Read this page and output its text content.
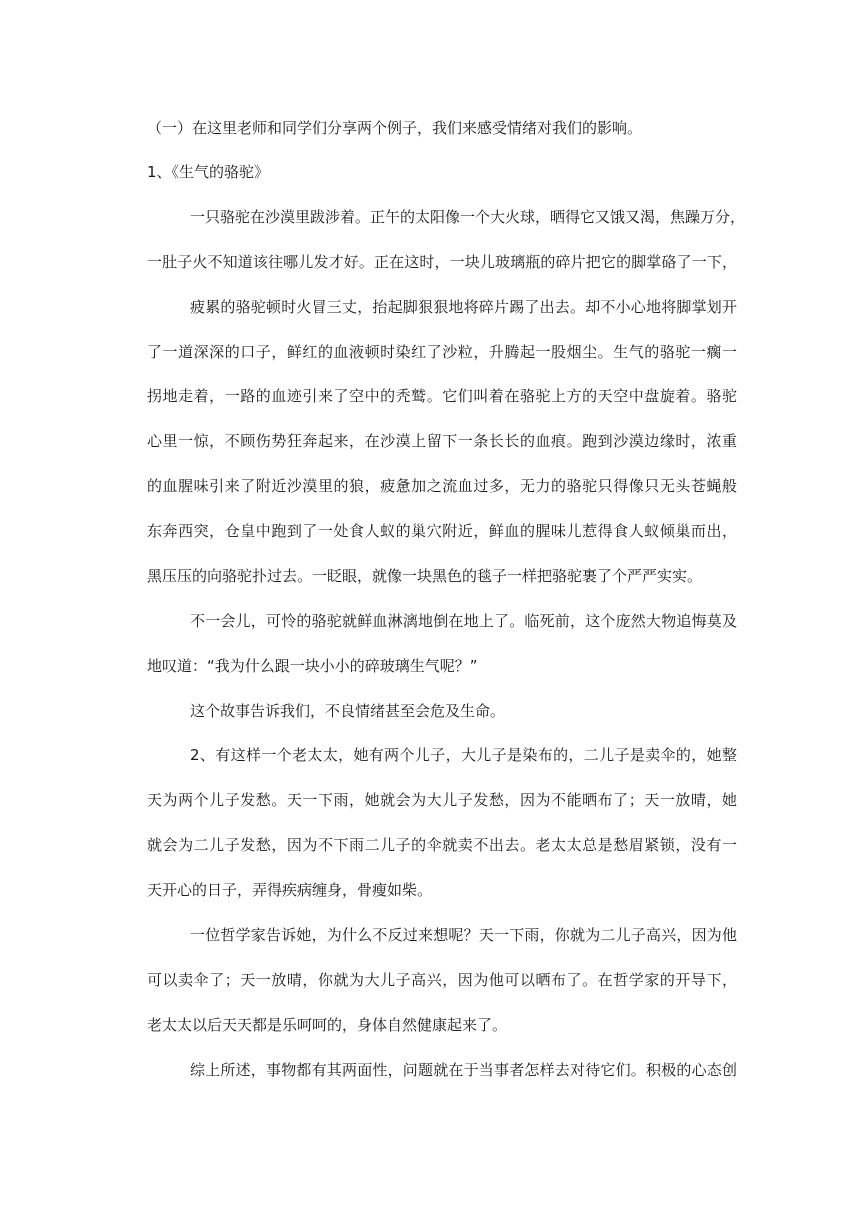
（一）在这里老师和同学们分享两个例子，我们来感受情绪对我们的影响。
1、《生气的骆驼》
一只骆驼在沙漠里跋涉着。正午的太阳像一个大火球，晒得它又饿又渴，焦躁万分，
一肚子火不知道该往哪儿发才好。正在这时，一块儿玻璃瓶的碎片把它的脚掌硌了一下，
疲累的骆驼顿时火冒三丈，抬起脚狠狠地将碎片踢了出去。却不小心地将脚掌划开
了一道深深的口子，鲜红的血液顿时染红了沙粒，升腾起一股烟尘。生气的骆驼一瘸一
拐地走着，一路的血迹引来了空中的秃鹫。它们叫着在骆驼上方的天空中盘旋着。骆驼
心里一惊，不顾伤势狂奔起来，在沙漠上留下一条长长的血痕。跑到沙漠边缘时，浓重
的血腥味引来了附近沙漠里的狼，疲惫加之流血过多，无力的骆驼只得像只无头苍蝇般
东奔西突，仓皇中跑到了一处食人蚁的巢穴附近，鲜血的腥味儿惹得食人蚁倾巢而出，
黑压压的向骆驼扑过去。一眨眼，就像一块黑色的毯子一样把骆驼裹了个严严实实。
不一会儿，可怜的骆驼就鲜血淋漓地倒在地上了。临死前，这个庞然大物追悔莫及
地叹道：“我为什么跟一块小小的碎玻璃生气呢？”
这个故事告诉我们，不良情绪甚至会危及生命。
2、有这样一个老太太，她有两个儿子，大儿子是染布的，二儿子是卖伞的，她整
天为两个儿子发愁。天一下雨，她就会为大儿子发愁，因为不能晒布了；天一放晴，她
就会为二儿子发愁，因为不下雨二儿子的伞就卖不出去。老太太总是愁眉紧锁，没有一
天开心的日子，弄得疾病缠身，骨瘦如柴。
一位哲学家告诉她，为什么不反过来想呢？天一下雨，你就为二儿子高兴，因为他
可以卖伞了；天一放晴，你就为大儿子高兴，因为他可以晒布了。在哲学家的开导下，
老太太以后天天都是乐呵呵的，身体自然健康起来了。
综上所述，事物都有其两面性，问题就在于当事者怎样去对待它们。积极的心态创
